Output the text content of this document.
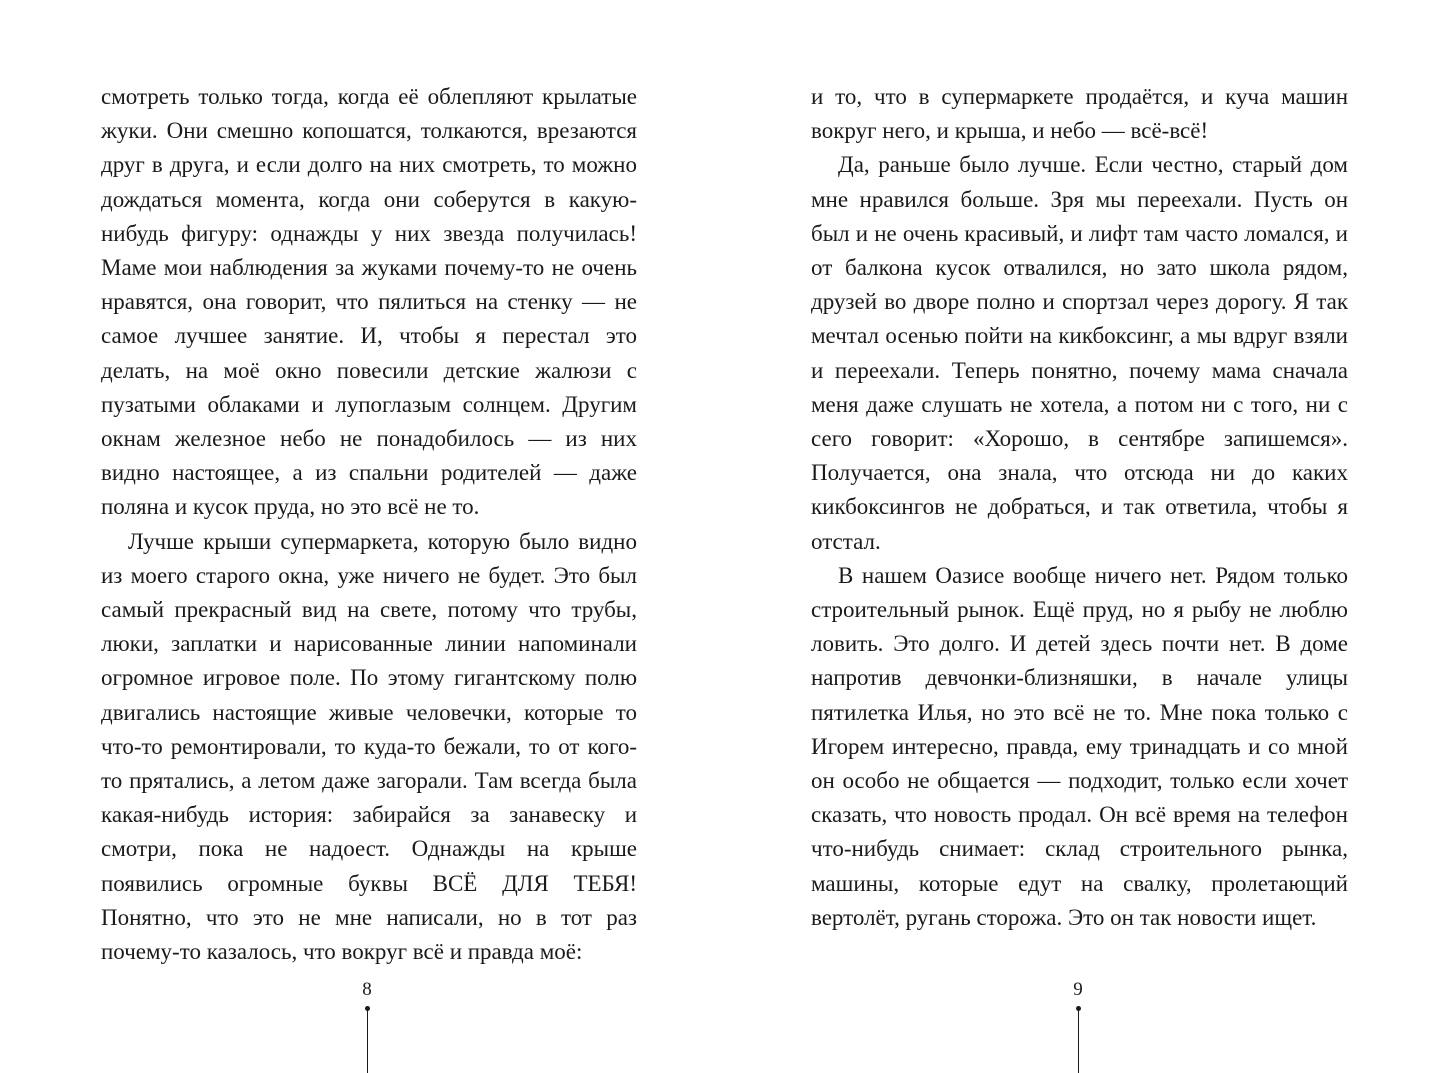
смотреть только тогда, когда её облепляют крылатые жуки. Они смешно копошатся, толкаются, врезаются друг в друга, и если долго на них смотреть, то можно дождаться момента, когда они соберутся в какую-нибудь фигуру: однажды у них звезда получилась! Маме мои наблюдения за жуками почему-то не очень нравятся, она говорит, что пялиться на стенку — не самое лучшее занятие. И, чтобы я перестал это делать, на моё окно повесили детские жалюзи с пузатыми облаками и лупоглазым солнцем. Другим окнам железное небо не понадобилось — из них видно настоящее, а из спальни родителей — даже поляна и кусок пруда, но это всё не то.

Лучше крыши супермаркета, которую было видно из моего старого окна, уже ничего не будет. Это был самый прекрасный вид на свете, потому что трубы, люки, заплатки и нарисованные линии напоминали огромное игровое поле. По этому гигантскому полю двигались настоящие живые человечки, которые то что-то ремонтировали, то куда-то бежали, то от кого-то прятались, а летом даже загорали. Там всегда была какая-нибудь история: забирайся за занавеску и смотри, пока не надоест. Однажды на крыше появились огромные буквы ВСЁ ДЛЯ ТЕБЯ! Понятно, что это не мне написали, но в тот раз почему-то казалось, что вокруг всё и правда моё:

8

и то, что в супермаркете продаётся, и куча машин вокруг него, и крыша, и небо — всё-всё!

Да, раньше было лучше. Если честно, старый дом мне нравился больше. Зря мы переехали. Пусть он был и не очень красивый, и лифт там часто ломался, и от балкона кусок отвалился, но зато школа рядом, друзей во дворе полно и спортзал через дорогу. Я так мечтал осенью пойти на кикбоксинг, а мы вдруг взяли и переехали. Теперь понятно, почему мама сначала меня даже слушать не хотела, а потом ни с того, ни с сего говорит: «Хорошо, в сентябре запишемся». Получается, она знала, что отсюда ни до каких кикбоксингов не добраться, и так ответила, чтобы я отстал.

В нашем Оазисе вообще ничего нет. Рядом только строительный рынок. Ещё пруд, но я рыбу не люблю ловить. Это долго. И детей здесь почти нет. В доме напротив девчонки-близняшки, в начале улицы пятилетка Илья, но это всё не то. Мне пока только с Игорем интересно, правда, ему тринадцать и со мной он особо не общается — подходит, только если хочет сказать, что новость продал. Он всё время на телефон что-нибудь снимает: склад строительного рынка, машины, которые едут на свалку, пролетающий вертолёт, ругань сторожа. Это он так новости ищет.

9
